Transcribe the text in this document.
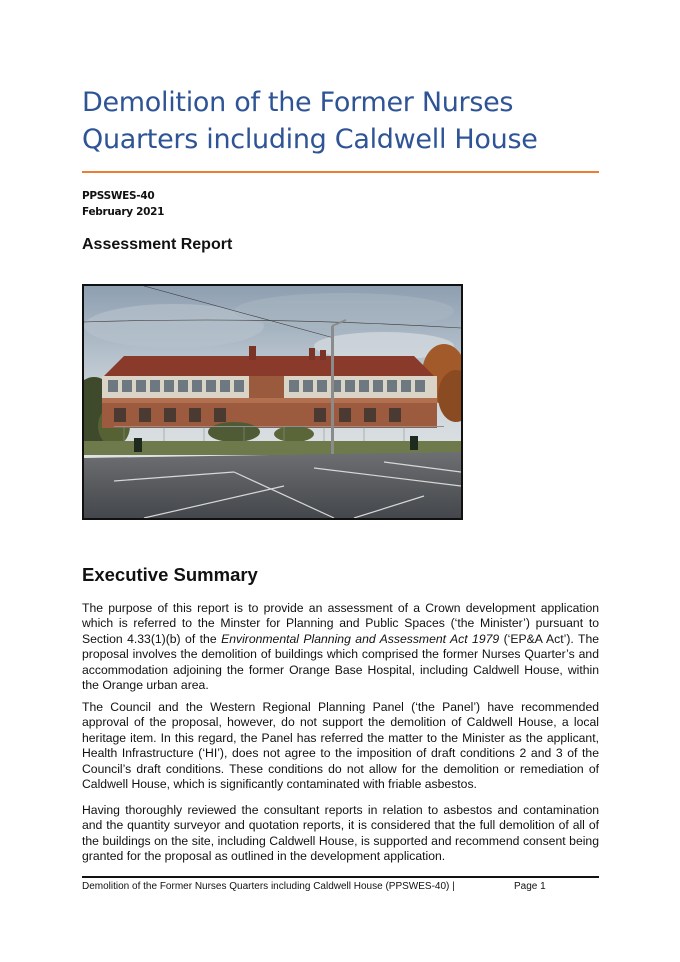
Demolition of the Former Nurses Quarters including Caldwell House
PPSSWES-40
February 2021
Assessment Report
Executive Summary

The purpose of this report is to provide an assessment of a Crown development application which is referred to the Minster for Planning and Public Spaces (‘the Minister’) pursuant to Section 4.33(1)(b) of the Environmental Planning and Assessment Act 1979 (‘EP&A Act’). The proposal involves the demolition of buildings which comprised the former Nurses Quarter’s and accommodation adjoining the former Orange Base Hospital, including Caldwell House, within the Orange urban area.

The Council and the Western Regional Planning Panel (‘the Panel’) have recommended approval of the proposal, however, do not support the demolition of Caldwell House, a local heritage item. In this regard, the Panel has referred the matter to the Minister as the applicant, Health Infrastructure (‘HI’), does not agree to the imposition of draft conditions 2 and 3 of the Council’s draft conditions. These conditions do not allow for the demolition or remediation of Caldwell House, which is significantly contaminated with friable asbestos.

Having thoroughly reviewed the consultant reports in relation to asbestos and contamination and the quantity surveyor and quotation reports, it is considered that the full demolition of all of the buildings on the site, including Caldwell House, is supported and recommend consent being granted for the proposal as outlined in the development application.

Demolition of the Former Nurses Quarters including Caldwell House (PPSWES-40) |	Page 1
